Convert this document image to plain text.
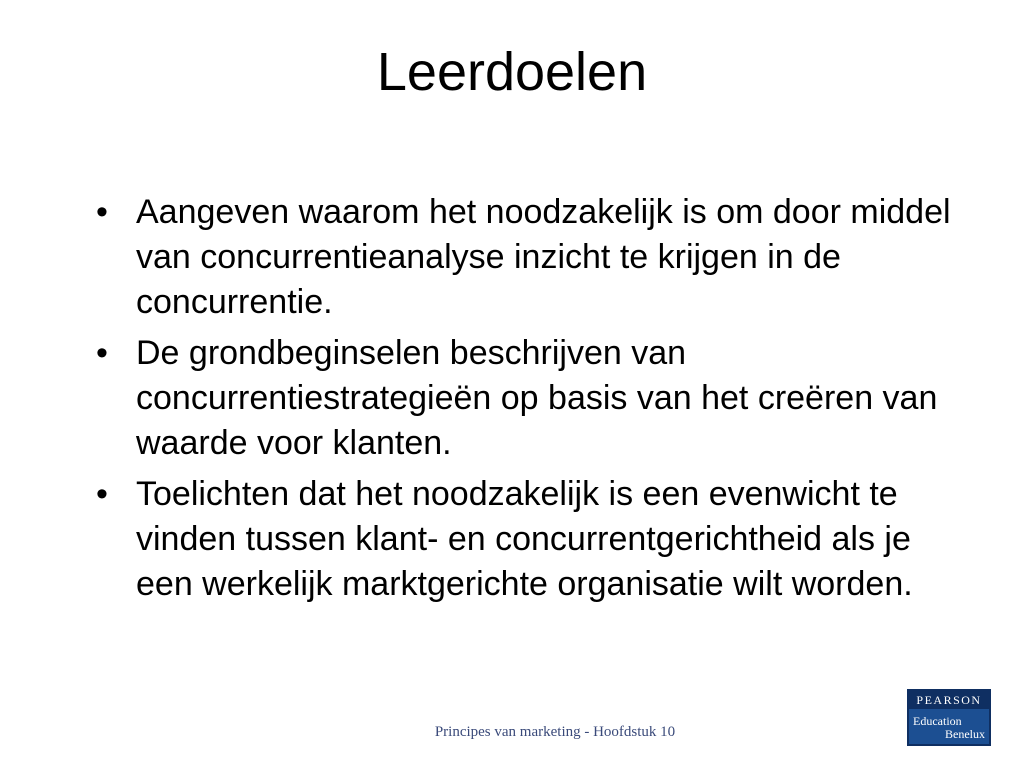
Leerdoelen
• Aangeven waarom het noodzakelijk is om door middel van concurrentieanalyse inzicht te krijgen in de concurrentie.
• De grondbeginselen beschrijven van concurrentiestrategieën op basis van het creëren van waarde voor klanten.
• Toelichten dat het noodzakelijk is een evenwicht te vinden tussen klant- en concurrentgerichtheid als je een werkelijk marktgerichte organisatie wilt worden.
Principes van marketing - Hoofdstuk 10
PEARSON
Education
Benelux
